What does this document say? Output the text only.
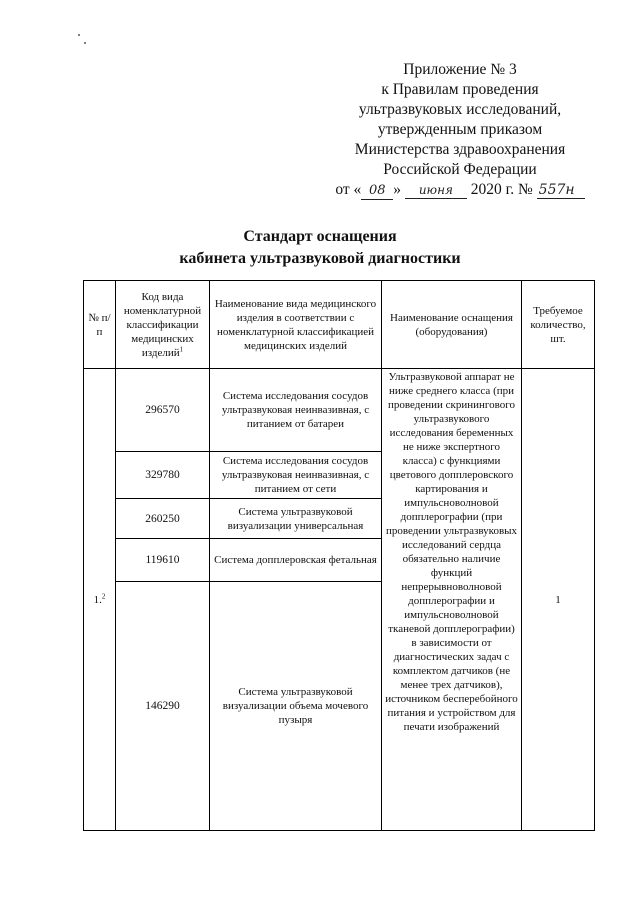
Приложение № 3
к Правилам проведения
ультразвуковых исследований,
утвержденным приказом
Министерства здравоохранения
Российской Федерации
от « 08 » июня 2020 г. № 557н
Стандарт оснащения
кабинета ультразвуковой диагностики
№ п/п	Код вида номенклатурной классификации медицинских изделий$^1$	Наименование вида медицинского изделия в соответствии с номенклатурной классификацией медицинских изделий	Наименование оснащения (оборудования)	Требуемое количество, шт.
1.$^2$	296570	Система исследования сосудов ультразвуковая неинвазивная, с питанием от батареи	Ультразвуковой аппарат не ниже среднего класса (при проведении скринингового ультразвукового исследования беременных не ниже экспертного класса) с функциями цветового допплеровского картирования и импульсноволновой допплерографии (при проведении ультразвуковых исследований сердца обязательно наличие функций непрерывноволновой допплерографии и импульсноволновой тканевой допплерографии) в зависимости от диагностических задач с комплектом датчиков (не менее трех датчиков), источником бесперебойного питания и устройством для печати изображений	1
	329780	Система исследования сосудов ультразвуковая неинвазивная, с питанием от сети		
	260250	Система ультразвуковой визуализации универсальная		
	119610	Система допплеровская фетальная		
	146290	Система ультразвуковой визуализации объема мочевого пузыря		
